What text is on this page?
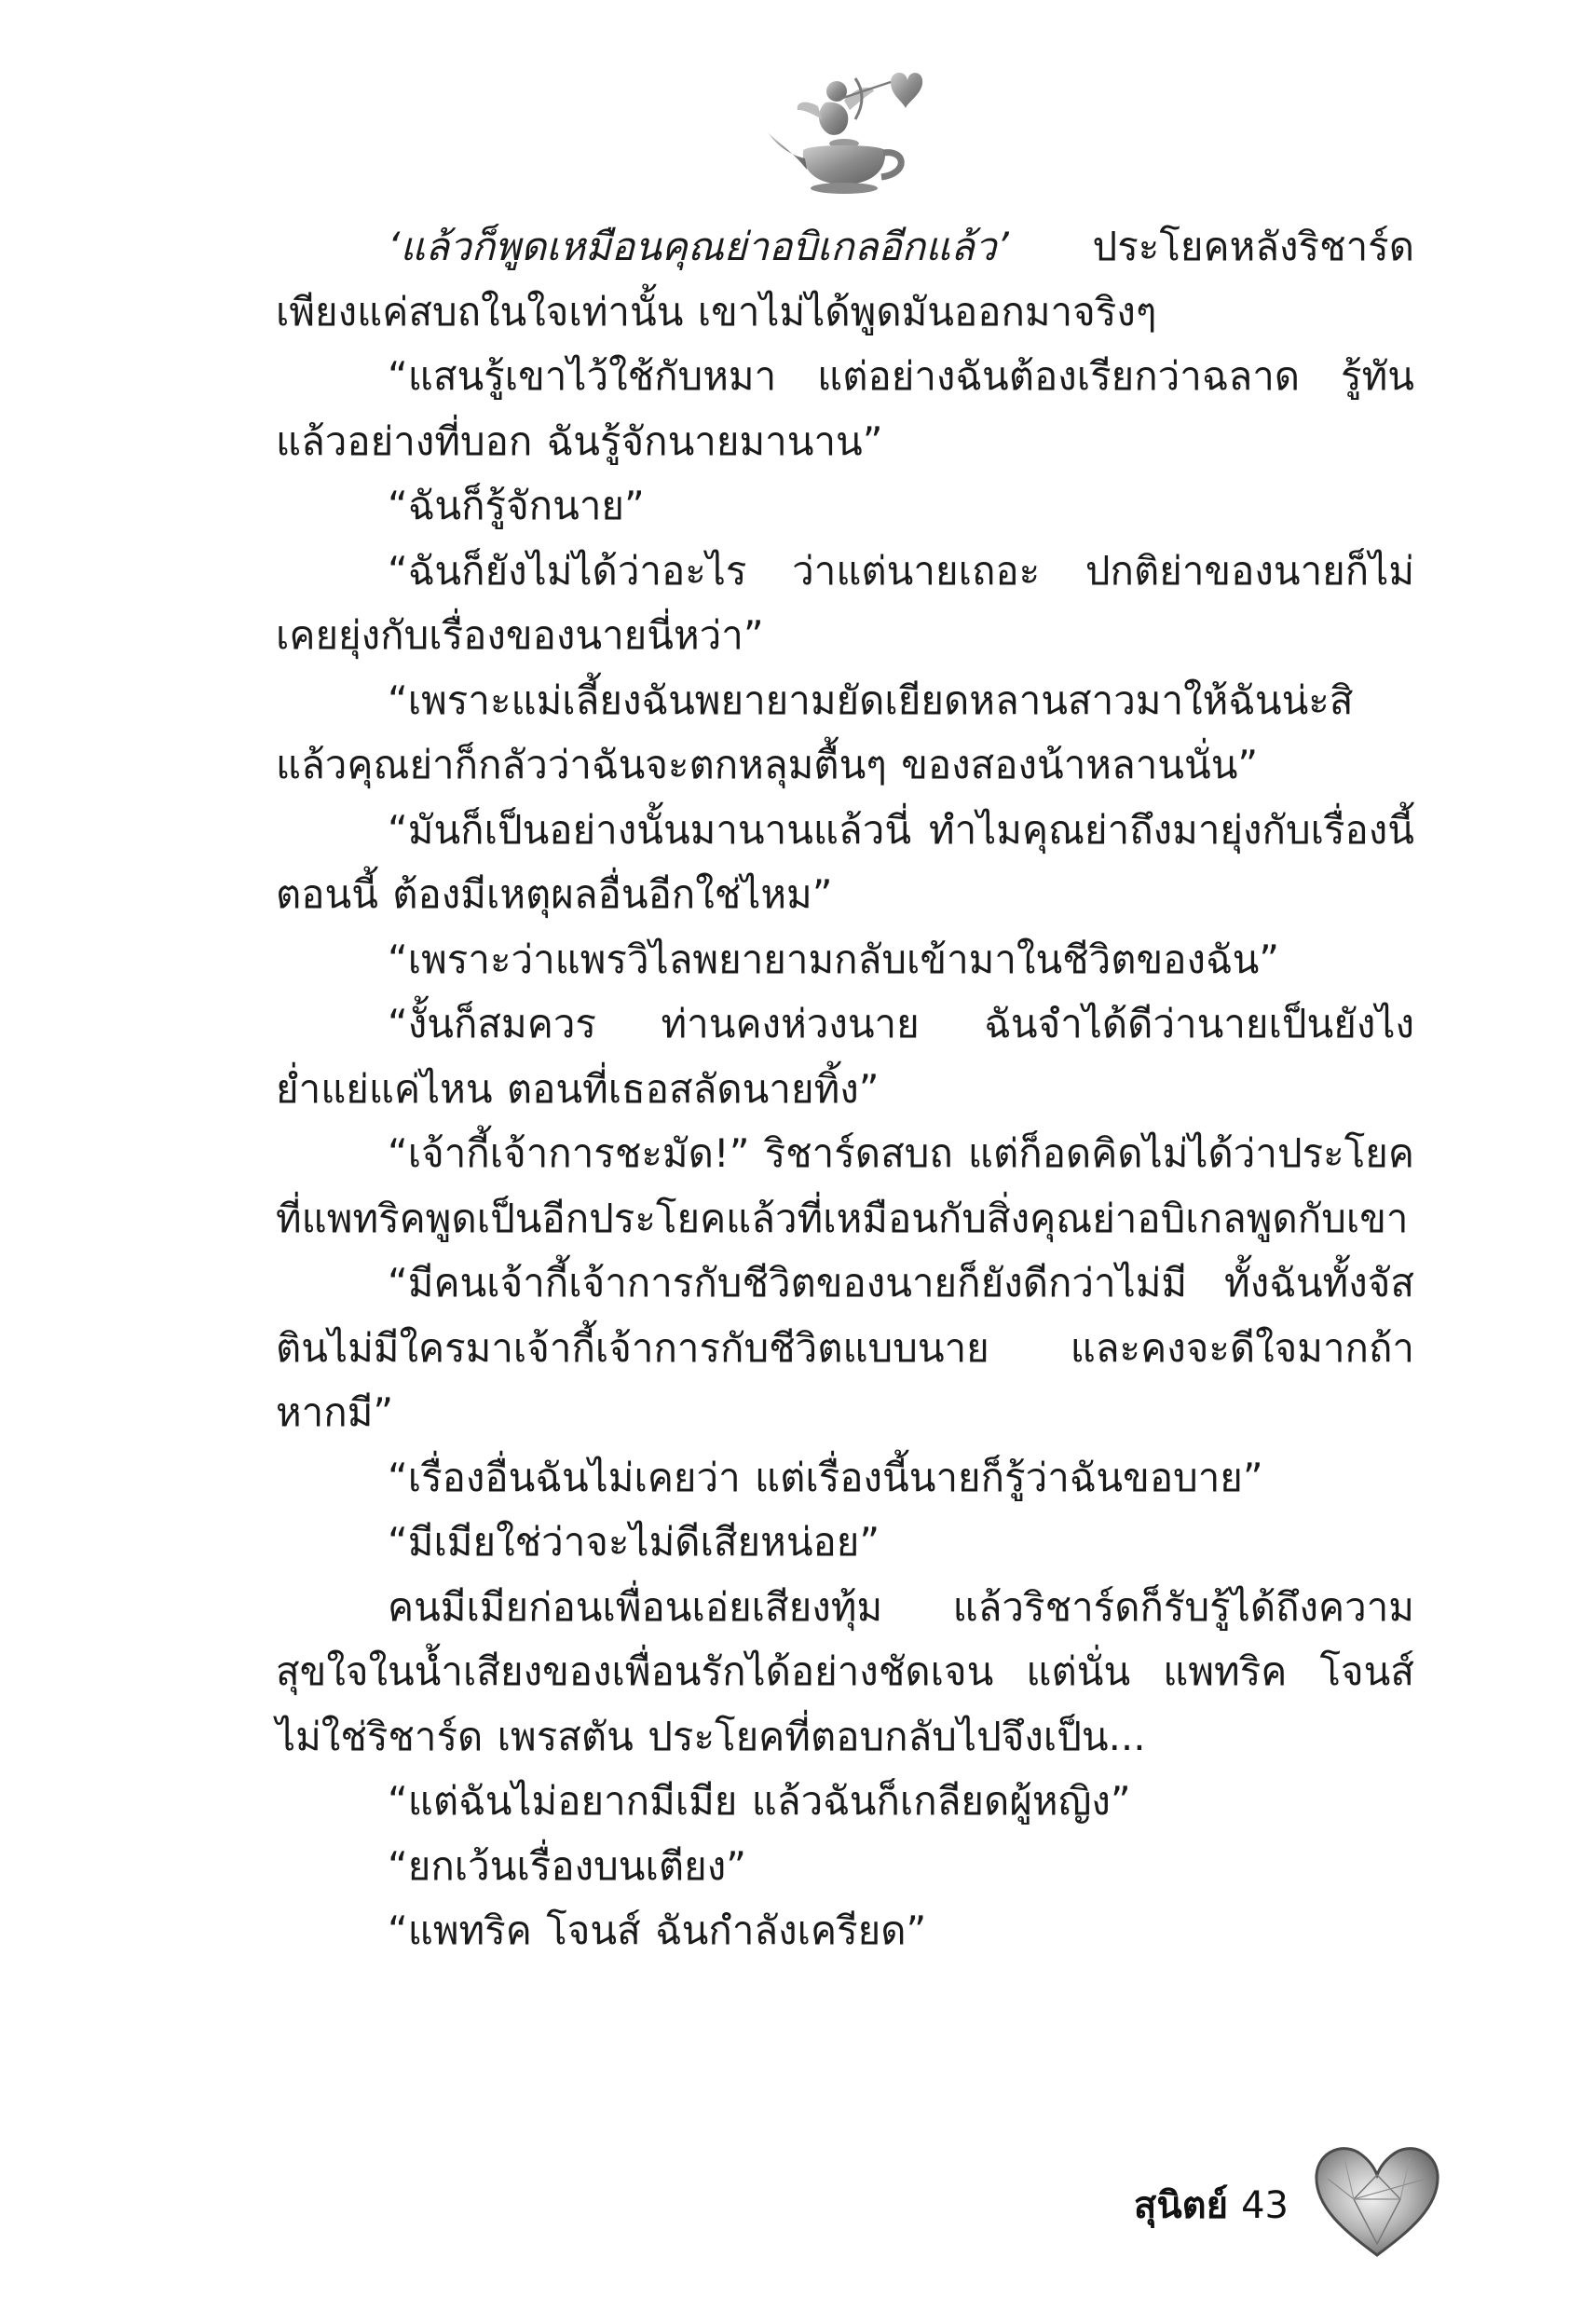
‘แล้วก็พูดเหมือนคุณย่าอบิเกลอีกแล้ว’ ประโยคหลังริชาร์ดเพียงแค่สบถในใจเท่านั้น เขาไม่ได้พูดมันออกมาจริงๆ

“แสนรู้เขาไว้ใช้กับหมา แต่อย่างฉันต้องเรียกว่าฉลาด รู้ทัน แล้วอย่างที่บอก ฉันรู้จักนายมานาน”

“ฉันก็รู้จักนาย”

“ฉันก็ยังไม่ได้ว่าอะไร ว่าแต่นายเถอะ ปกติย่าของนายก็ไม่เคยยุ่งกับเรื่องของนายนี่หว่า”

“เพราะแม่เลี้ยงฉันพยายามยัดเยียดหลานสาวมาให้ฉันน่ะสิ แล้วคุณย่าก็กลัวว่าฉันจะตกหลุมตื้นๆ ของสองน้าหลานนั่น”

“มันก็เป็นอย่างนั้นมานานแล้วนี่ ทำไมคุณย่าถึงมายุ่งกับเรื่องนี้ตอนนี้ ต้องมีเหตุผลอื่นอีกใช่ไหม”

“เพราะว่าแพรวิไลพยายามกลับเข้ามาในชีวิตของฉัน”

“งั้นก็สมควร ท่านคงห่วงนาย ฉันจำได้ดีว่านายเป็นยังไง ย่ำแย่แค่ไหน ตอนที่เธอสลัดนายทิ้ง”

“เจ้ากี้เจ้าการชะมัด!” ริชาร์ดสบถ แต่ก็อดคิดไม่ได้ว่าประโยคที่แพทริคพูดเป็นอีกประโยคแล้วที่เหมือนกับสิ่งคุณย่าอบิเกลพูดกับเขา

“มีคนเจ้ากี้เจ้าการกับชีวิตของนายก็ยังดีกว่าไม่มี ทั้งฉันทั้งจัสตินไม่มีใครมาเจ้ากี้เจ้าการกับชีวิตแบบนาย และคงจะดีใจมากถ้าหากมี”

“เรื่องอื่นฉันไม่เคยว่า แต่เรื่องนี้นายก็รู้ว่าฉันขอบาย”

“มีเมียใช่ว่าจะไม่ดีเสียหน่อย”

คนมีเมียก่อนเพื่อนเอ่ยเสียงทุ้ม แล้วริชาร์ดก็รับรู้ได้ถึงความสุขใจในน้ำเสียงของเพื่อนรักได้อย่างชัดเจน แต่นั่น แพทริค โจนส์ ไม่ใช่ริชาร์ด เพรสตัน ประโยคที่ตอบกลับไปจึงเป็น...

“แต่ฉันไม่อยากมีเมีย แล้วฉันก็เกลียดผู้หญิง”

“ยกเว้นเรื่องบนเตียง”

“แพทริค โจนส์ ฉันกำลังเครียด”

สุนิตย์ 43
